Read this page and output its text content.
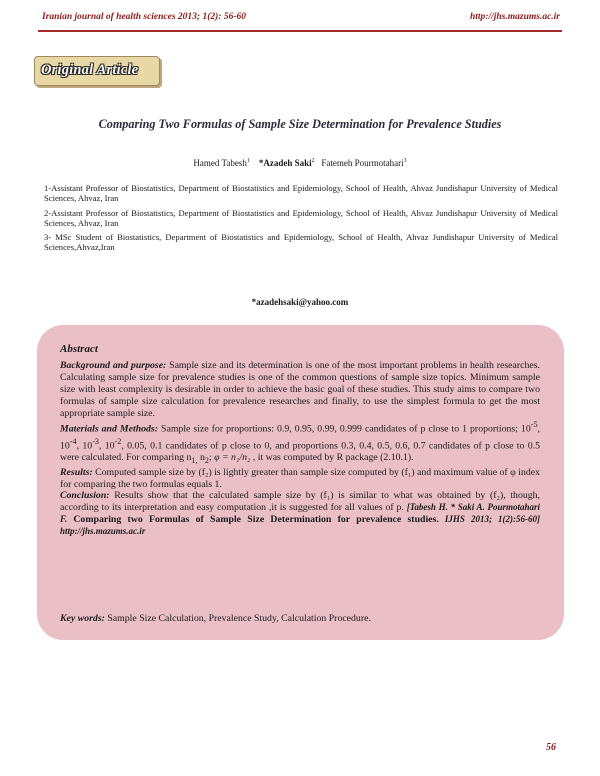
Iranian journal of health sciences 2013; 1(2): 56-60	http://jhs.mazums.ac.ir
Original Article
Comparing Two Formulas of Sample Size Determination for Prevalence Studies
Hamed Tabesh$^1$ *Azadeh Saki$^2$ Fatemeh Pourmotahari$^3$
1-Assistant Professor of Biostatistics, Department of Biostatistics and Epidemiology, School of Health, Ahvaz Jundishapur University of Medical Sciences, Ahvaz, Iran
2-Assistant Professor of Biostatistics, Department of Biostatistics and Epidemiology, School of Health, Ahvaz Jundishapur University of Medical Sciences, Ahvaz, Iran
3- MSc Student of Biostatistics, Department of Biostatistics and Epidemiology, School of Health, Ahvaz Jundishapur University of Medical Sciences,Ahvaz,Iran
*azadehsaki@yahoo.com

Abstract

Background and purpose: Sample size and its determination is one of the most important problems in health researches. Calculating sample size for prevalence studies is one of the common questions of sample size topics. Minimum sample size with least complexity is desirable in order to achieve the basic goal of these studies. This study aims to compare two formulas of sample size calculation for prevalence researches and finally, to use the simplest formula to get the most appropriate sample size.

Materials and Methods: Sample size for proportions: 0.9, 0.95, 0.99, 0.999 candidates of p close to 1 proportions; $10^{-5}$, $10^{-4}$, $10^{-3}$, $10^{-2}$, 0.05, 0.1 candidates of p close to 0, and proportions 0.3, 0.4, 0.5, 0.6, 0.7 candidates of p close to 0.5 were calculated. For comparing $n_{1,}$ $n_2$; φ = n₁/n₂ , it was computed by R package (2.10.1).

Results: Computed sample size by (f₂) is lightly greater than sample size computed by (f₁) and maximum value of φ index for comparing the two formulas equals 1.

Conclusion: Results show that the calculated sample size by (f₁) is similar to what was obtained by (f₂), though, according to its interpretation and easy computation ,it is suggested for all values of p. [Tabesh H. * Saki A. Pourmotahari F. Comparing two Formulas of Sample Size Determination for prevalence studies. IJHS 2013; 1(2):56-60] http://jhs.mazums.ac.ir

Key words: Sample Size Calculation, Prevalence Study, Calculation Procedure.
56
